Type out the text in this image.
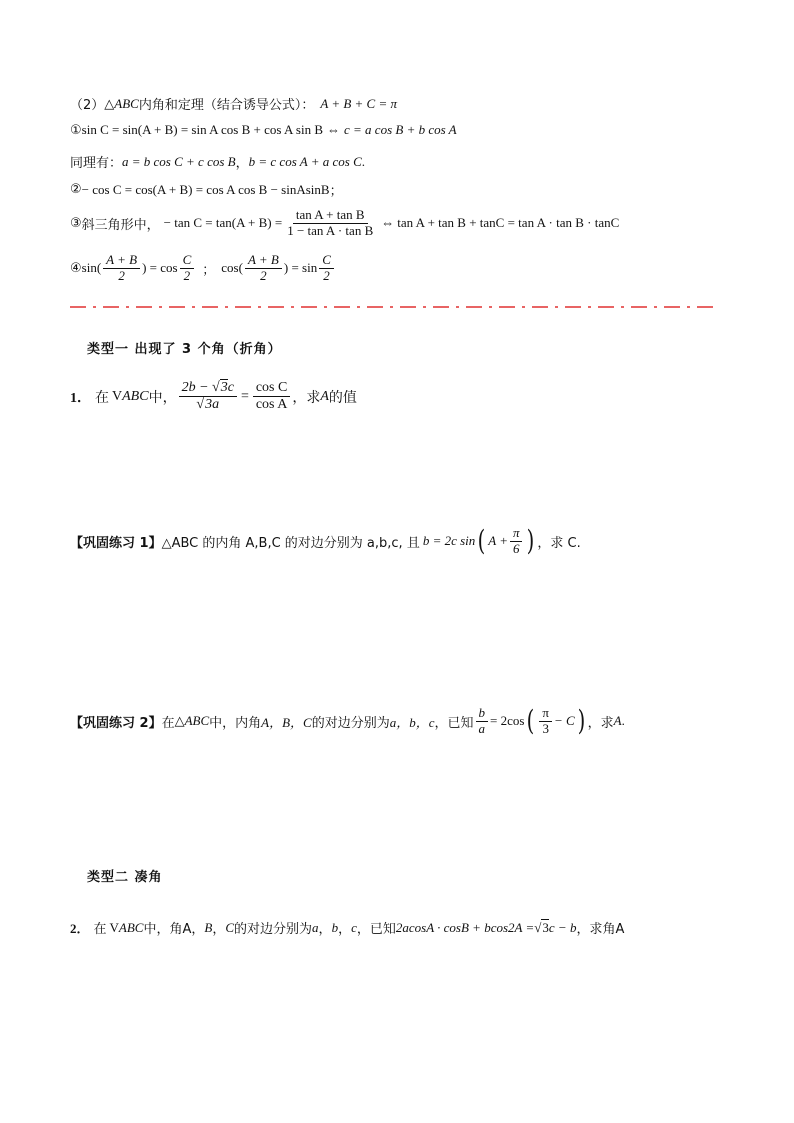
（2） △ ABC 内角和定理（结合诱导公式）： A + B + C = π
① sin C = sin(A + B) = sin A cos B + cos A sin B ⇔ c = a cos B + b cos A
同理有： a = b cos C + c cos B ， b = c cos A + a cos C .
② − cos C = cos(A + B) = cos A cos B − sinAsinB ；
③ 斜三角形中， − $\tan C = \tan(A + B) = \frac{\text{tan A + tan B}}{\text{1 − tan A · tan B}}$ ⇔ tan A + tan B + tanC = tan A · tan B · tanC
④ $\sin( \frac{A + B}{2}$ ) = $\cos \frac{C}{2}$ ； $\cos( \frac{A + B}{2}$ ) = $\sin \frac{C}{2}$
类型一 出现了 3 个角（折角）
1． 在 V ABC 中， $\frac{2b - √3c}{√3a} = \frac{\text{cos C}}{\text{cos A}}$ ，求 A 的值
【巩固练习 1】 △ABC 的内角 A,B,C 的对边分别为 a,b,c, 且 b = 2c sin ( $A + \frac{\pi}{6}$ ) ，求 C.
【巩固练习 2】 在 △ ABC 中，内角 A，B，C 的对边分别为 a，b，c ，已知 $\frac{b}{a} = 2\cos$ ( $\frac{\pi}{3} - C$ ) ，求 A .
类型二 凑角
2． 在 V ABC 中，角A， B ， C 的对边分别为 a ， b ， c ，已知 2acosA · cosB + bcos2A = √ 3 c − b ，求角A
